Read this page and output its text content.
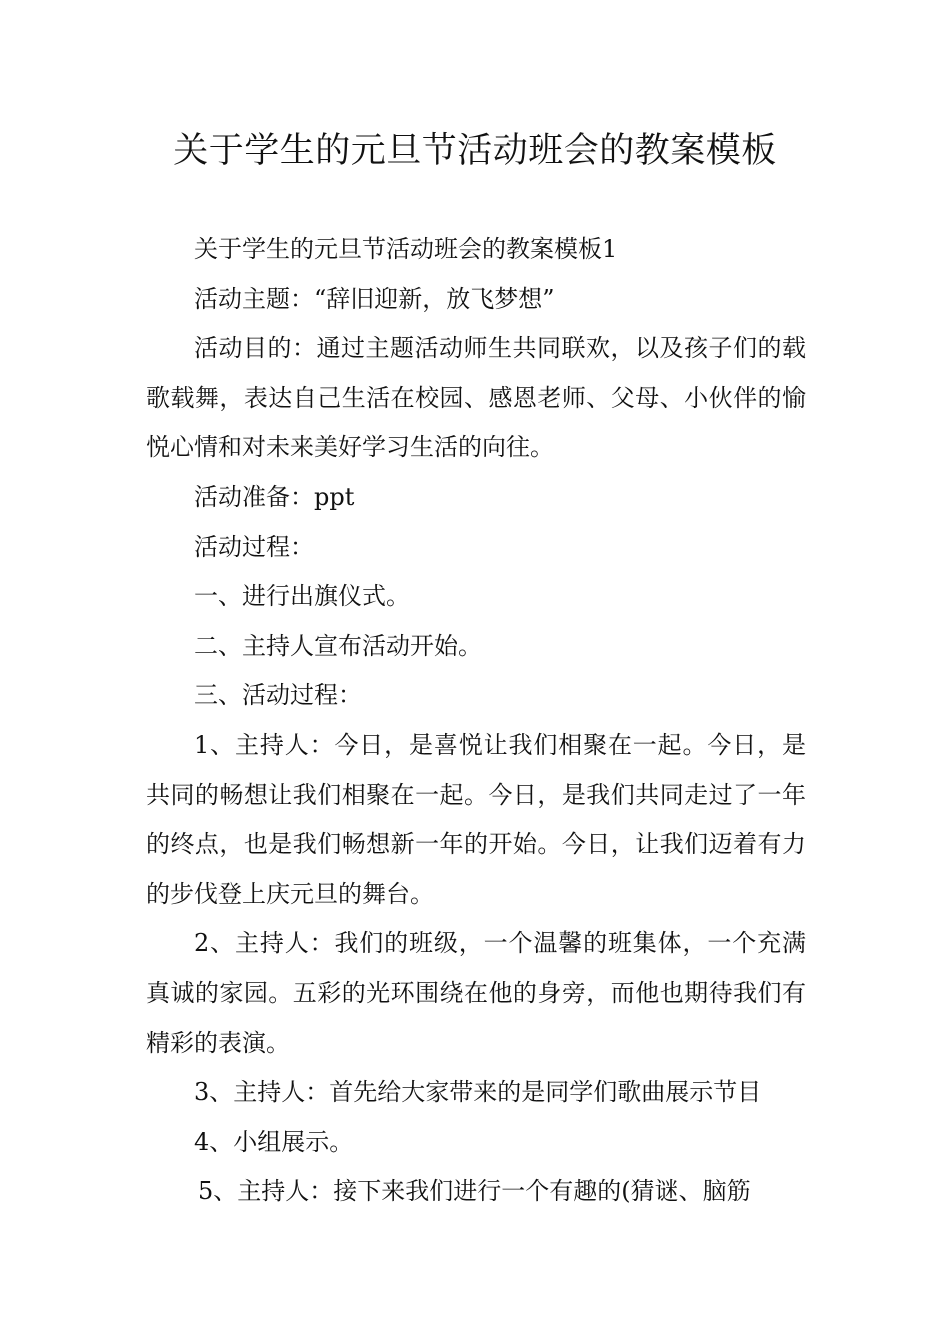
关于学生的元旦节活动班会的教案模板

关于学生的元旦节活动班会的教案模板1

活动主题：“辞旧迎新，放飞梦想”

活动目的：通过主题活动师生共同联欢，以及孩子们的载歌载舞，表达自己生活在校园、感恩老师、父母、小伙伴的愉悦心情和对未来美好学习生活的向往。

活动准备：ppt

活动过程：

一、进行出旗仪式。

二、主持人宣布活动开始。

三、活动过程：

1、主持人：今日，是喜悦让我们相聚在一起。今日，是共同的畅想让我们相聚在一起。今日，是我们共同走过了一年的终点，也是我们畅想新一年的开始。今日，让我们迈着有力的步伐登上庆元旦的舞台。

2、主持人：我们的班级，一个温馨的班集体，一个充满真诚的家园。五彩的光环围绕在他的身旁，而他也期待我们有精彩的表演。

3、主持人：首先给大家带来的是同学们歌曲展示节目

4、小组展示。

5、主持人：接下来我们进行一个有趣的(猜谜、脑筋
